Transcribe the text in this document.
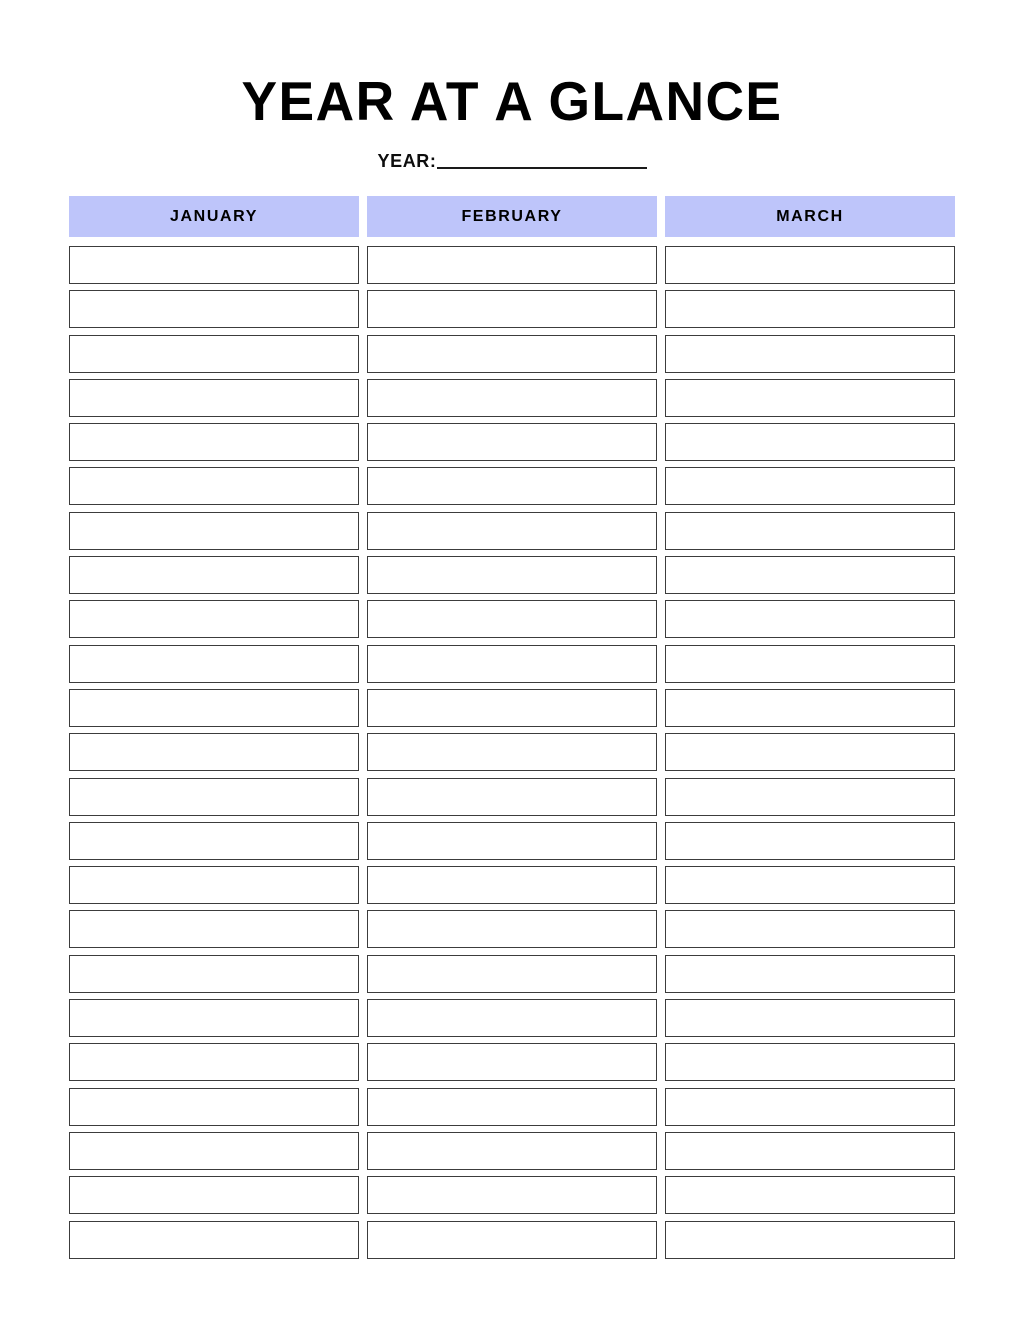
YEAR AT A GLANCE
YEAR:
JANUARY	FEBRUARY	MARCH
